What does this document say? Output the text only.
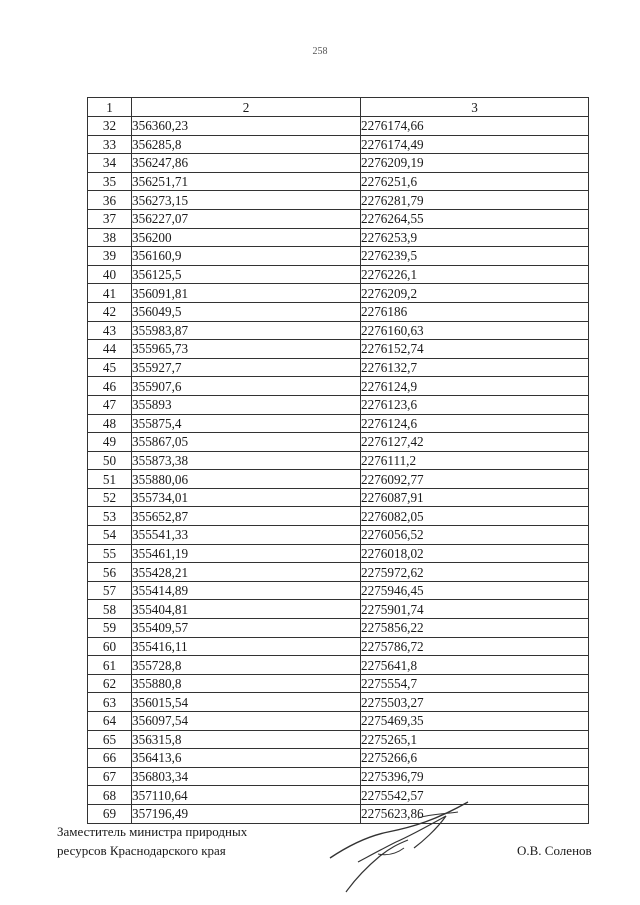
258
1	2	3
32	356360,23	2276174,66
33	356285,8	2276174,49
34	356247,86	2276209,19
35	356251,71	2276251,6
36	356273,15	2276281,79
37	356227,07	2276264,55
38	356200	2276253,9
39	356160,9	2276239,5
40	356125,5	2276226,1
41	356091,81	2276209,2
42	356049,5	2276186
43	355983,87	2276160,63
44	355965,73	2276152,74
45	355927,7	2276132,7
46	355907,6	2276124,9
47	355893	2276123,6
48	355875,4	2276124,6
49	355867,05	2276127,42
50	355873,38	2276111,2
51	355880,06	2276092,77
52	355734,01	2276087,91
53	355652,87	2276082,05
54	355541,33	2276056,52
55	355461,19	2276018,02
56	355428,21	2275972,62
57	355414,89	2275946,45
58	355404,81	2275901,74
59	355409,57	2275856,22
60	355416,11	2275786,72
61	355728,8	2275641,8
62	355880,8	2275554,7
63	356015,54	2275503,27
64	356097,54	2275469,35
65	356315,8	2275265,1
66	356413,6	2275266,6
67	356803,34	2275396,79
68	357110,64	2275542,57
69	357196,49	2275623,86
Заместитель министра природных
ресурсов Краснодарского края	О.В. Соленов
